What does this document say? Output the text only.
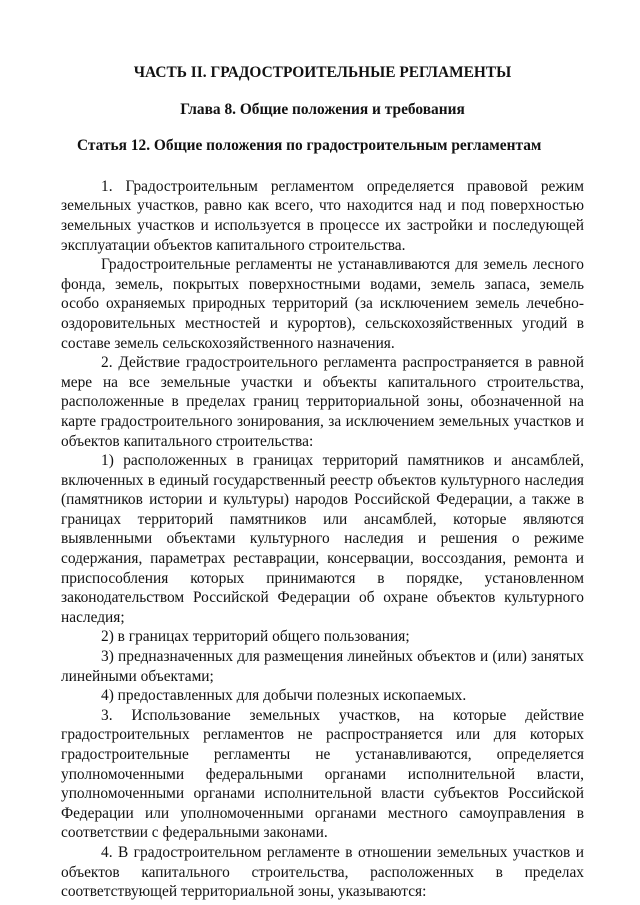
ЧАСТЬ II. ГРАДОСТРОИТЕЛЬНЫЕ РЕГЛАМЕНТЫ
Глава 8. Общие положения и требования
Статья 12. Общие положения по градостроительным регламентам

1. Градостроительным регламентом определяется правовой режим земельных участков, равно как всего, что находится над и под поверхностью земельных участков и используется в процессе их застройки и последующей эксплуатации объектов капитального строительства.

Градостроительные регламенты не устанавливаются для земель лесного фонда, земель, покрытых поверхностными водами, земель запаса, земель особо охраняемых природных территорий (за исключением земель лечебно-оздоровительных местностей и курортов), сельскохозяйственных угодий в составе земель сельскохозяйственного назначения.

2. Действие градостроительного регламента распространяется в равной мере на все земельные участки и объекты капитального строительства, расположенные в пределах границ территориальной зоны, обозначенной на карте градостроительного зонирования, за исключением земельных участков и объектов капитального строительства:

1) расположенных в границах территорий памятников и ансамблей, включенных в единый государственный реестр объектов культурного наследия (памятников истории и культуры) народов Российской Федерации, а также в границах территорий памятников или ансамблей, которые являются выявленными объектами культурного наследия и решения о режиме содержания, параметрах реставрации, консервации, воссоздания, ремонта и приспособления которых принимаются в порядке, установленном законодательством Российской Федерации об охране объектов культурного наследия;

2) в границах территорий общего пользования;

3) предназначенных для размещения линейных объектов и (или) занятых линейными объектами;

4) предоставленных для добычи полезных ископаемых.

3. Использование земельных участков, на которые действие градостроительных регламентов не распространяется или для которых градостроительные регламенты не устанавливаются, определяется уполномоченными федеральными органами исполнительной власти, уполномоченными органами исполнительной власти субъектов Российской Федерации или уполномоченными органами местного самоуправления в соответствии с федеральными законами.

4. В градостроительном регламенте в отношении земельных участков и объектов капитального строительства, расположенных в пределах соответствующей территориальной зоны, указываются:
